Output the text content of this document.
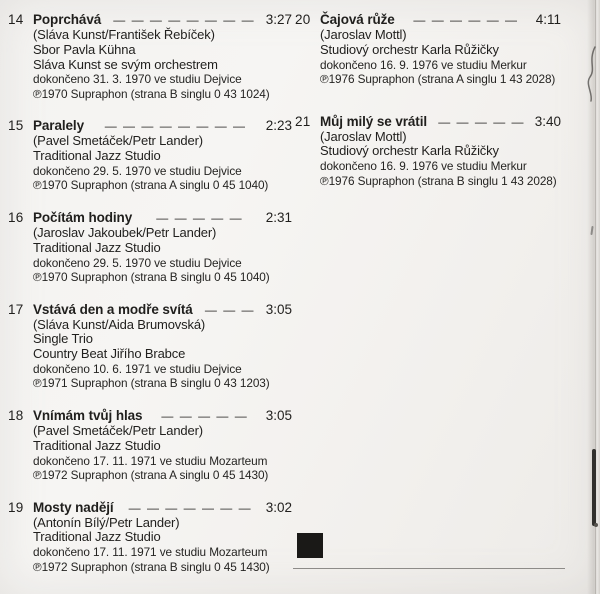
14 Poprchává	— — — — — — — — 3:27
(Sláva Kunst/František Řebíček)
Sbor Pavla Kühna
Sláva Kunst se svým orchestrem
dokončeno 31. 3. 1970 ve studiu Dejvice
℗1970 Supraphon (strana B singlu 0 43 1024)
15 Paralely	— — — — — — — —	2:23
(Pavel Smetáček/Petr Lander)
Traditional Jazz Studio
dokončeno 29. 5. 1970 ve studiu Dejvice
℗1970 Supraphon (strana A singlu 0 45 1040)
16 Počítám hodiny	— — — — —	2:31
(Jaroslav Jakoubek/Petr Lander)
Traditional Jazz Studio
dokončeno 29. 5. 1970 ve studiu Dejvice
℗1970 Supraphon (strana B singlu 0 45 1040)
17 Vstává den a modře svítá	— — — 3:05
(Sláva Kunst/Aida Brumovská)
Single Trio
Country Beat Jiřího Brabce
dokončeno 10. 6. 1971 ve studiu Dejvice
℗1971 Supraphon (strana B singlu 0 43 1203)
18 Vnímám tvůj hlas	— — — — —	3:05
(Pavel Smetáček/Petr Lander)
Traditional Jazz Studio
dokončeno 17. 11. 1971 ve studiu Mozarteum
℗1972 Supraphon (strana A singlu 0 45 1430)
19 Mosty nadějí	— — — — — — —	3:02
(Antonín Bílý/Petr Lander)
Traditional Jazz Studio
dokončeno 17. 11. 1971 ve studiu Mozarteum
℗1972 Supraphon (strana B singlu 0 45 1430)
20 Čajová růže	— — — — — —	4:11
(Jaroslav Mottl)
Studiový orchestr Karla Růžičky
dokončeno 16. 9. 1976 ve studiu Merkur
℗1976 Supraphon (strana A singlu 1 43 2028)
21 Můj milý se vrátil — — — — — 3:40
(Jaroslav Mottl)
Studiový orchestr Karla Růžičky
dokončeno 16. 9. 1976 ve studiu Merkur
℗1976 Supraphon (strana B singlu 1 43 2028)
